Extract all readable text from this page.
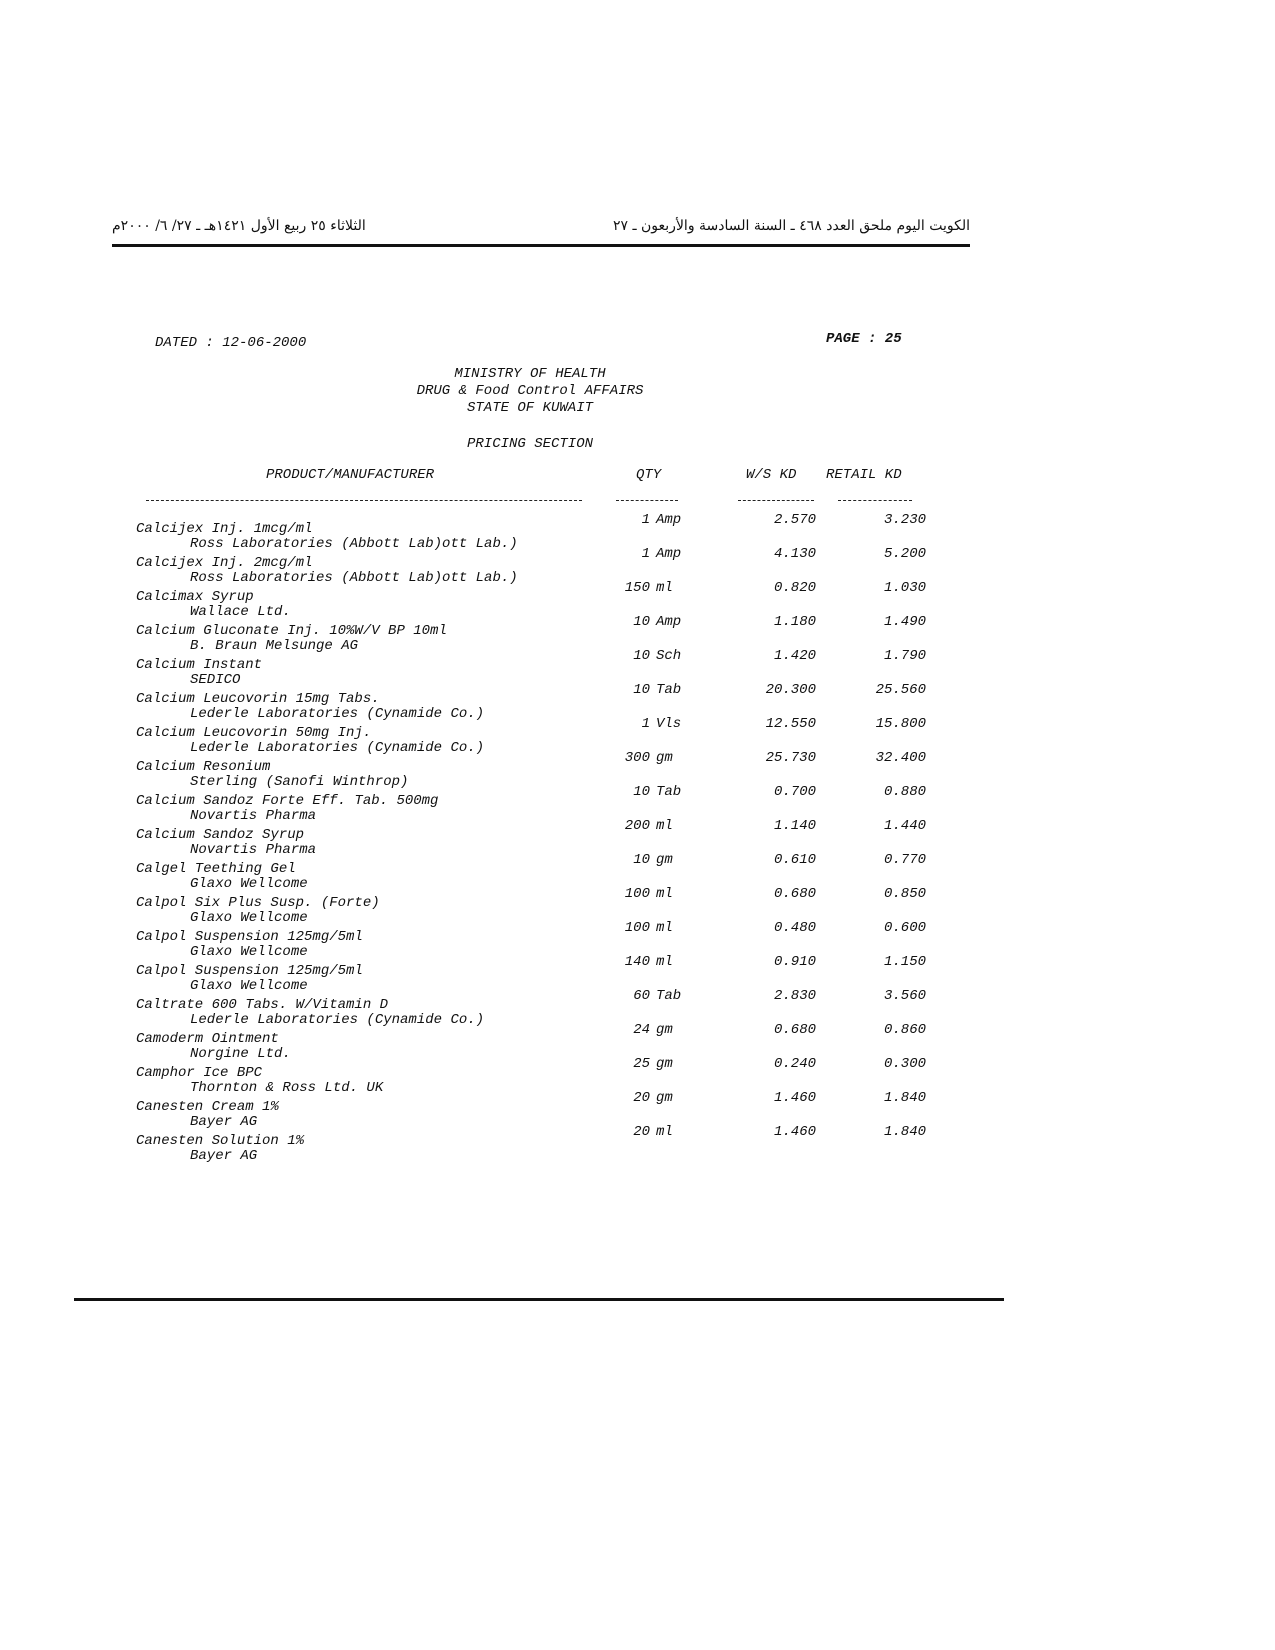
الكويت اليوم ملحق العدد ٤٦٨ ـ السنة السادسة والأربعون ـ ٢٧
الثلاثاء ٢٥ ربيع الأول ١٤٢١هـ ـ ٢٧/ ٦/ ٢٠٠٠م
DATED : 12-06-2000	PAGE : 25
MINISTRY OF HEALTH
DRUG & Food Control AFFAIRS
STATE OF KUWAIT
PRICING SECTION
PRODUCT/MANUFACTURER	QTY	W/S KD RETAIL KD
Calcijex Inj. 1mcg/ml
Ross Laboratories (Abbott Lab)ott Lab.)
1 Amp	2.570	3.230
Calcijex Inj. 2mcg/ml
Ross Laboratories (Abbott Lab)ott Lab.)
1 Amp	4.130	5.200
Calcimax Syrup
Wallace Ltd.
150 ml	0.820	1.030
Calcium Gluconate Inj. 10%W/V BP 10ml
B. Braun Melsunge AG
10 Amp	1.180	1.490
Calcium Instant
SEDICO
10 Sch	1.420	1.790
Calcium Leucovorin 15mg Tabs.
Lederle Laboratories (Cynamide Co.)
10 Tab	20.300	25.560
Calcium Leucovorin 50mg Inj.
Lederle Laboratories (Cynamide Co.)
1 Vls	12.550	15.800
Calcium Resonium
Sterling (Sanofi Winthrop)
300 gm	25.730	32.400
Calcium Sandoz Forte Eff. Tab. 500mg
Novartis Pharma
10 Tab	0.700	0.880
Calcium Sandoz Syrup
Novartis Pharma
200 ml	1.140	1.440
Calgel Teething Gel
Glaxo Wellcome
10 gm	0.610	0.770
Calpol Six Plus Susp. (Forte)
Glaxo Wellcome
100 ml	0.680	0.850
Calpol Suspension 125mg/5ml
Glaxo Wellcome
100 ml	0.480	0.600
Calpol Suspension 125mg/5ml
Glaxo Wellcome
140 ml	0.910	1.150
Caltrate 600 Tabs. W/Vitamin D
Lederle Laboratories (Cynamide Co.)
60 Tab	2.830	3.560
Camoderm Ointment
Norgine Ltd.
24 gm	0.680	0.860
Camphor Ice BPC
Thornton & Ross Ltd. UK
25 gm	0.240	0.300
Canesten Cream 1%
Bayer AG
20 gm	1.460	1.840
Canesten Solution 1%
Bayer AG
20 ml	1.460	1.840
